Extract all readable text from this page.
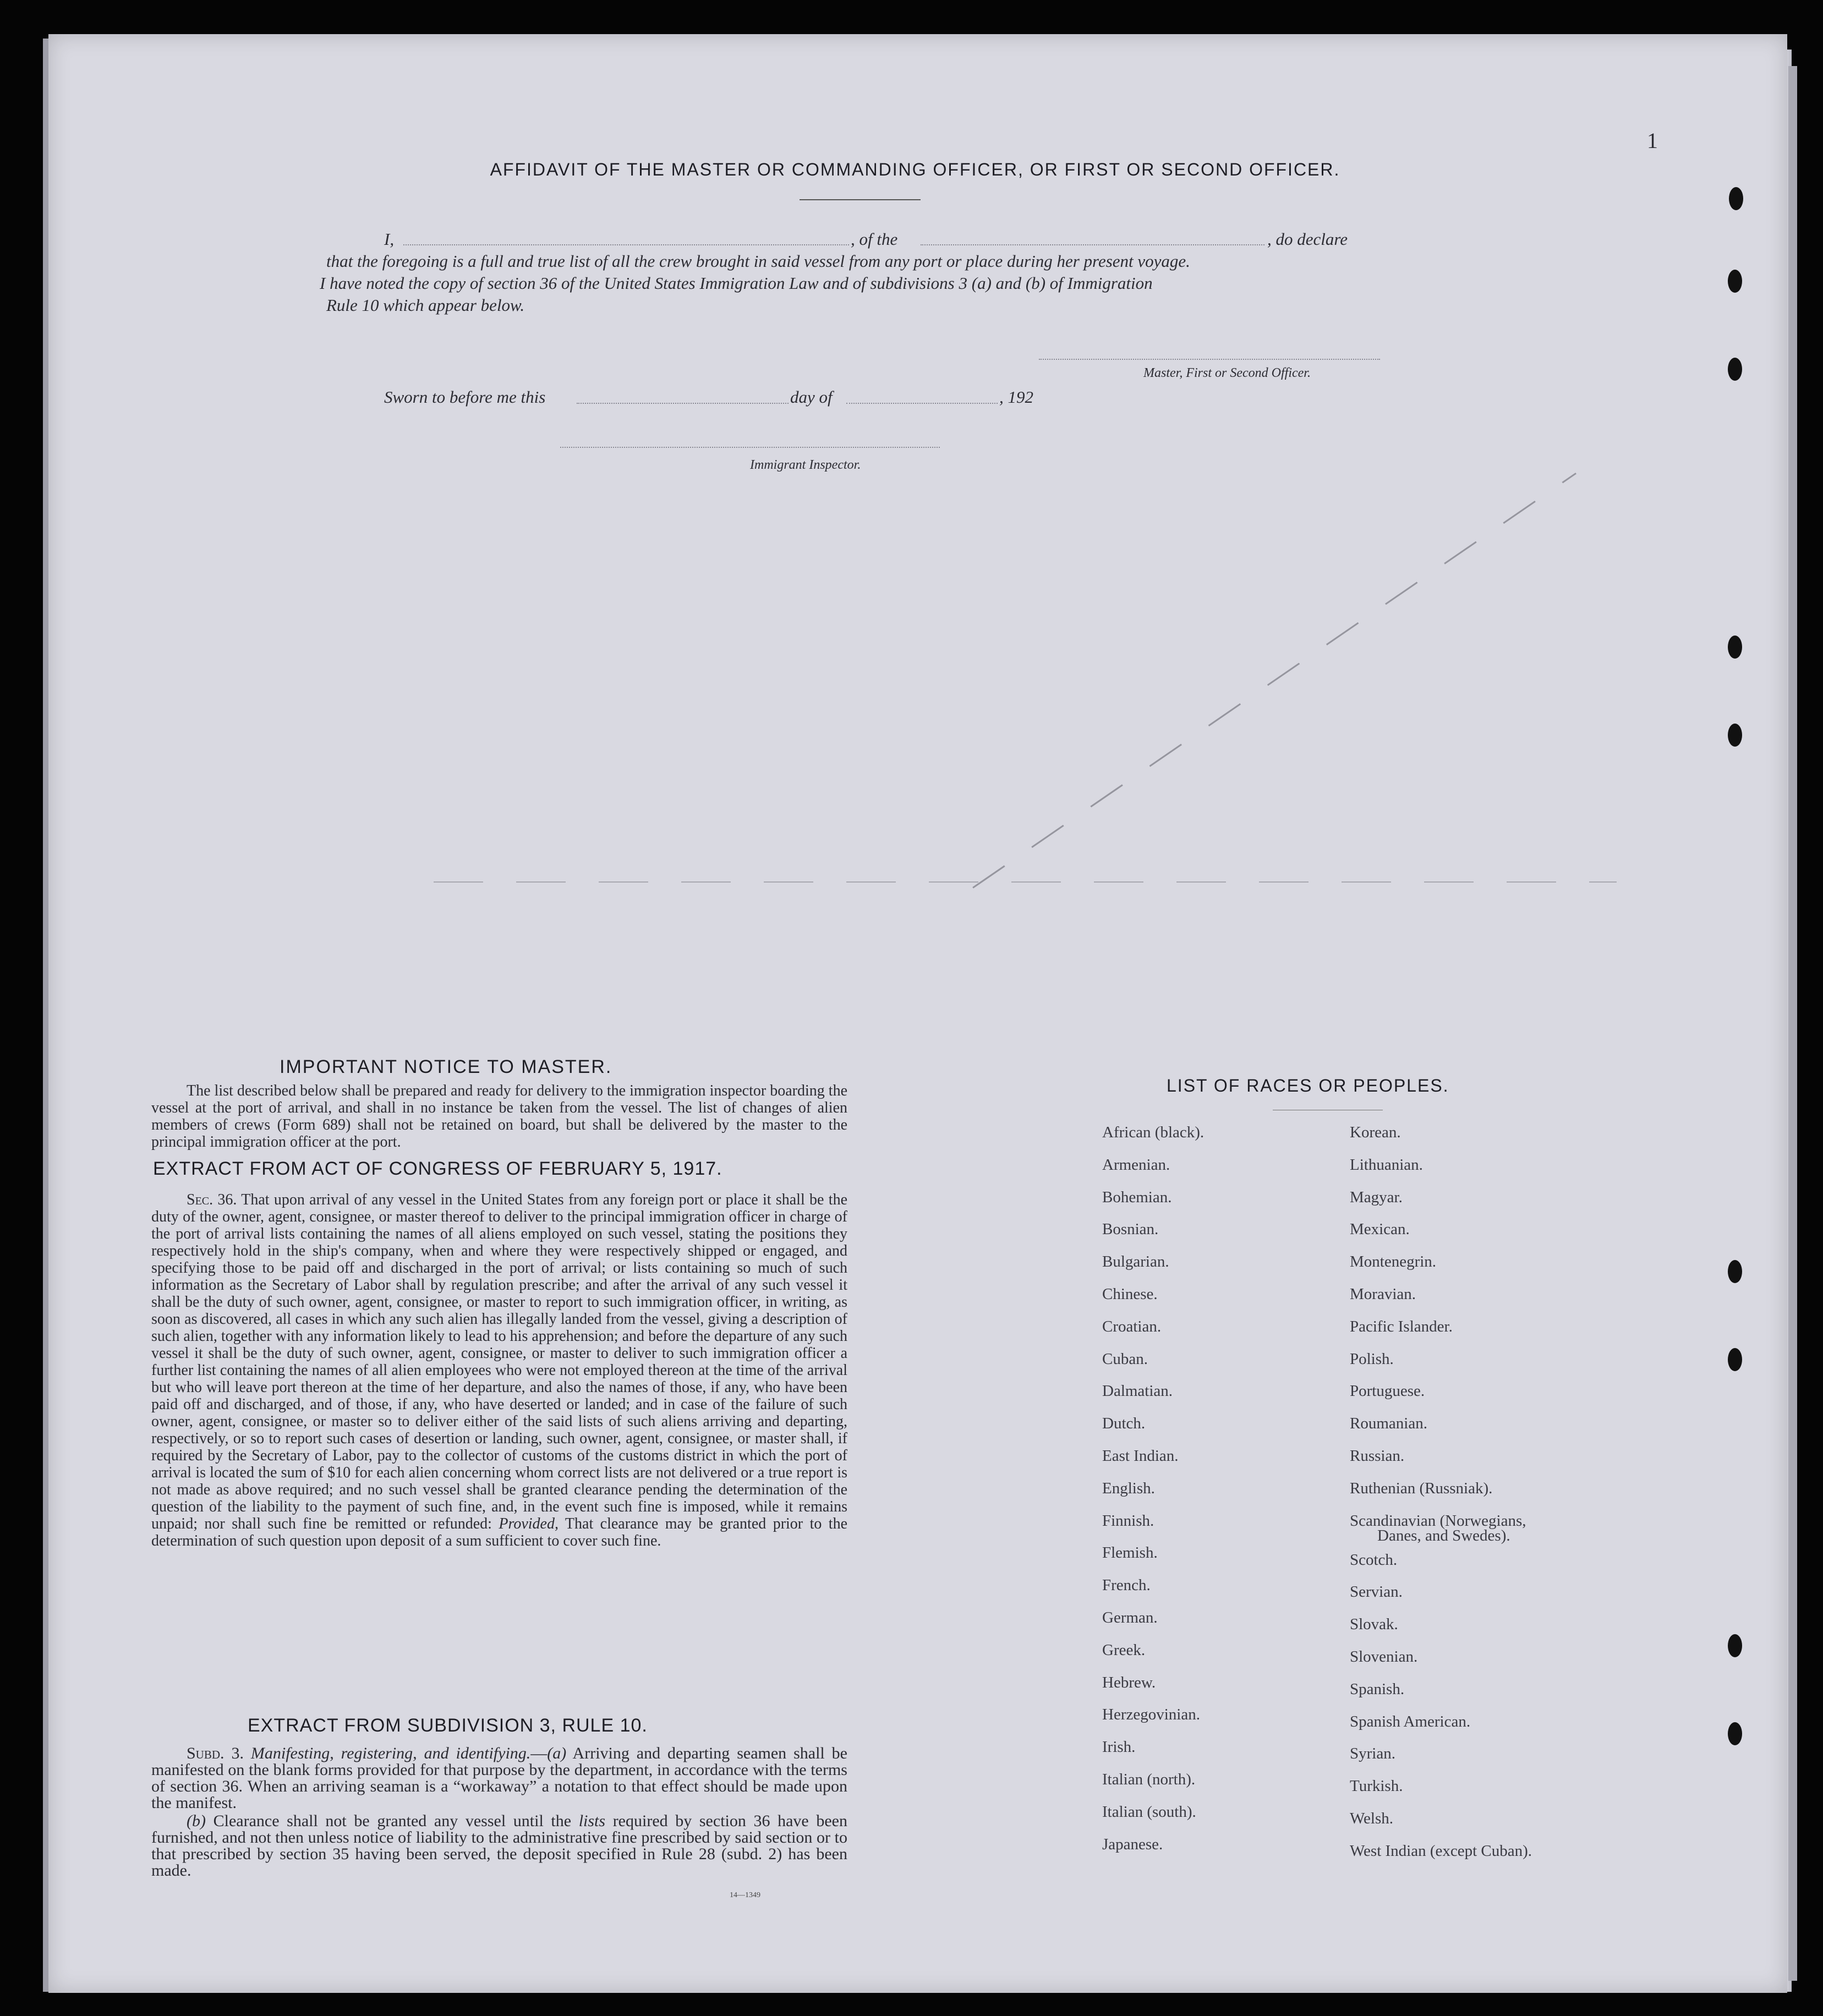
1
AFFIDAVIT OF THE MASTER OR COMMANDING OFFICER, OR FIRST OR SECOND OFFICER.
I,	, of the	, do declare
that the foregoing is a full and true list of all the crew brought in said vessel from any port or place during her present voyage.
I have noted the copy of section 36 of the United States Immigration Law and of subdivisions 3 (a) and (b) of Immigration
Rule 10 which appear below.
Master, First or Second Officer.
Sworn to before me this	day of	, 192
Immigrant Inspector.
IMPORTANT NOTICE TO MASTER.
The list described below shall be prepared and ready for delivery to the immigration inspector boarding the vessel at the port of arrival, and shall in no instance be taken from the vessel. The list of changes of alien members of crews (Form 689) shall not be retained on board, but shall be delivered by the master to the principal immigration officer at the port.
EXTRACT FROM ACT OF CONGRESS OF FEBRUARY 5, 1917.
Sec. 36. That upon arrival of any vessel in the United States from any foreign port or place it shall be the duty of the owner, agent, consignee, or master thereof to deliver to the principal immigration officer in charge of the port of arrival lists containing the names of all aliens employed on such vessel, stating the positions they respectively hold in the ship's company, when and where they were respectively shipped or engaged, and specifying those to be paid off and discharged in the port of arrival; or lists containing so much of such information as the Secretary of Labor shall by regulation prescribe; and after the arrival of any such vessel it shall be the duty of such owner, agent, consignee, or master to report to such immigration officer, in writing, as soon as discovered, all cases in which any such alien has illegally landed from the vessel, giving a description of such alien, together with any information likely to lead to his apprehension; and before the departure of any such vessel it shall be the duty of such owner, agent, consignee, or master to deliver to such immigration officer a further list containing the names of all alien employees who were not employed thereon at the time of the arrival but who will leave port thereon at the time of her departure, and also the names of those, if any, who have been paid off and discharged, and of those, if any, who have deserted or landed; and in case of the failure of such owner, agent, consignee, or master so to deliver either of the said lists of such aliens arriving and departing, respectively, or so to report such cases of desertion or landing, such owner, agent, consignee, or master shall, if required by the Secretary of Labor, pay to the collector of customs of the customs district in which the port of arrival is located the sum of $10 for each alien concerning whom correct lists are not delivered or a true report is not made as above required; and no such vessel shall be granted clearance pending the determination of the question of the liability to the payment of such fine, and, in the event such fine is imposed, while it remains unpaid; nor shall such fine be remitted or refunded: Provided, That clearance may be granted prior to the determination of such question upon deposit of a sum sufficient to cover such fine.
EXTRACT FROM SUBDIVISION 3, RULE 10.
Subd. 3. Manifesting, registering, and identifying.—(a) Arriving and departing seamen shall be manifested on the blank forms provided for that purpose by the department, in accordance with the terms of section 36. When an arriving seaman is a “workaway” a notation to that effect should be made upon the manifest.
(b) Clearance shall not be granted any vessel until the lists required by section 36 have been furnished, and not then unless notice of liability to the administrative fine prescribed by said section or to that prescribed by section 35 having been served, the deposit specified in Rule 28 (subd. 2) has been made.
14—1349
LIST OF RACES OR PEOPLES.
African (black).
Armenian.
Bohemian.
Bosnian.
Bulgarian.
Chinese.
Croatian.
Cuban.
Dalmatian.
Dutch.
East Indian.
English.
Finnish.
Flemish.
French.
German.
Greek.
Hebrew.
Herzegovinian.
Irish.
Italian (north).
Italian (south).
Japanese.
Korean.
Lithuanian.
Magyar.
Mexican.
Montenegrin.
Moravian.
Pacific Islander.
Polish.
Portuguese.
Roumanian.
Russian.
Ruthenian (Russniak).
Scandinavian (Norwegians,
Danes, and Swedes).
Scotch.
Servian.
Slovak.
Slovenian.
Spanish.
Spanish American.
Syrian.
Turkish.
Welsh.
West Indian (except Cuban).
